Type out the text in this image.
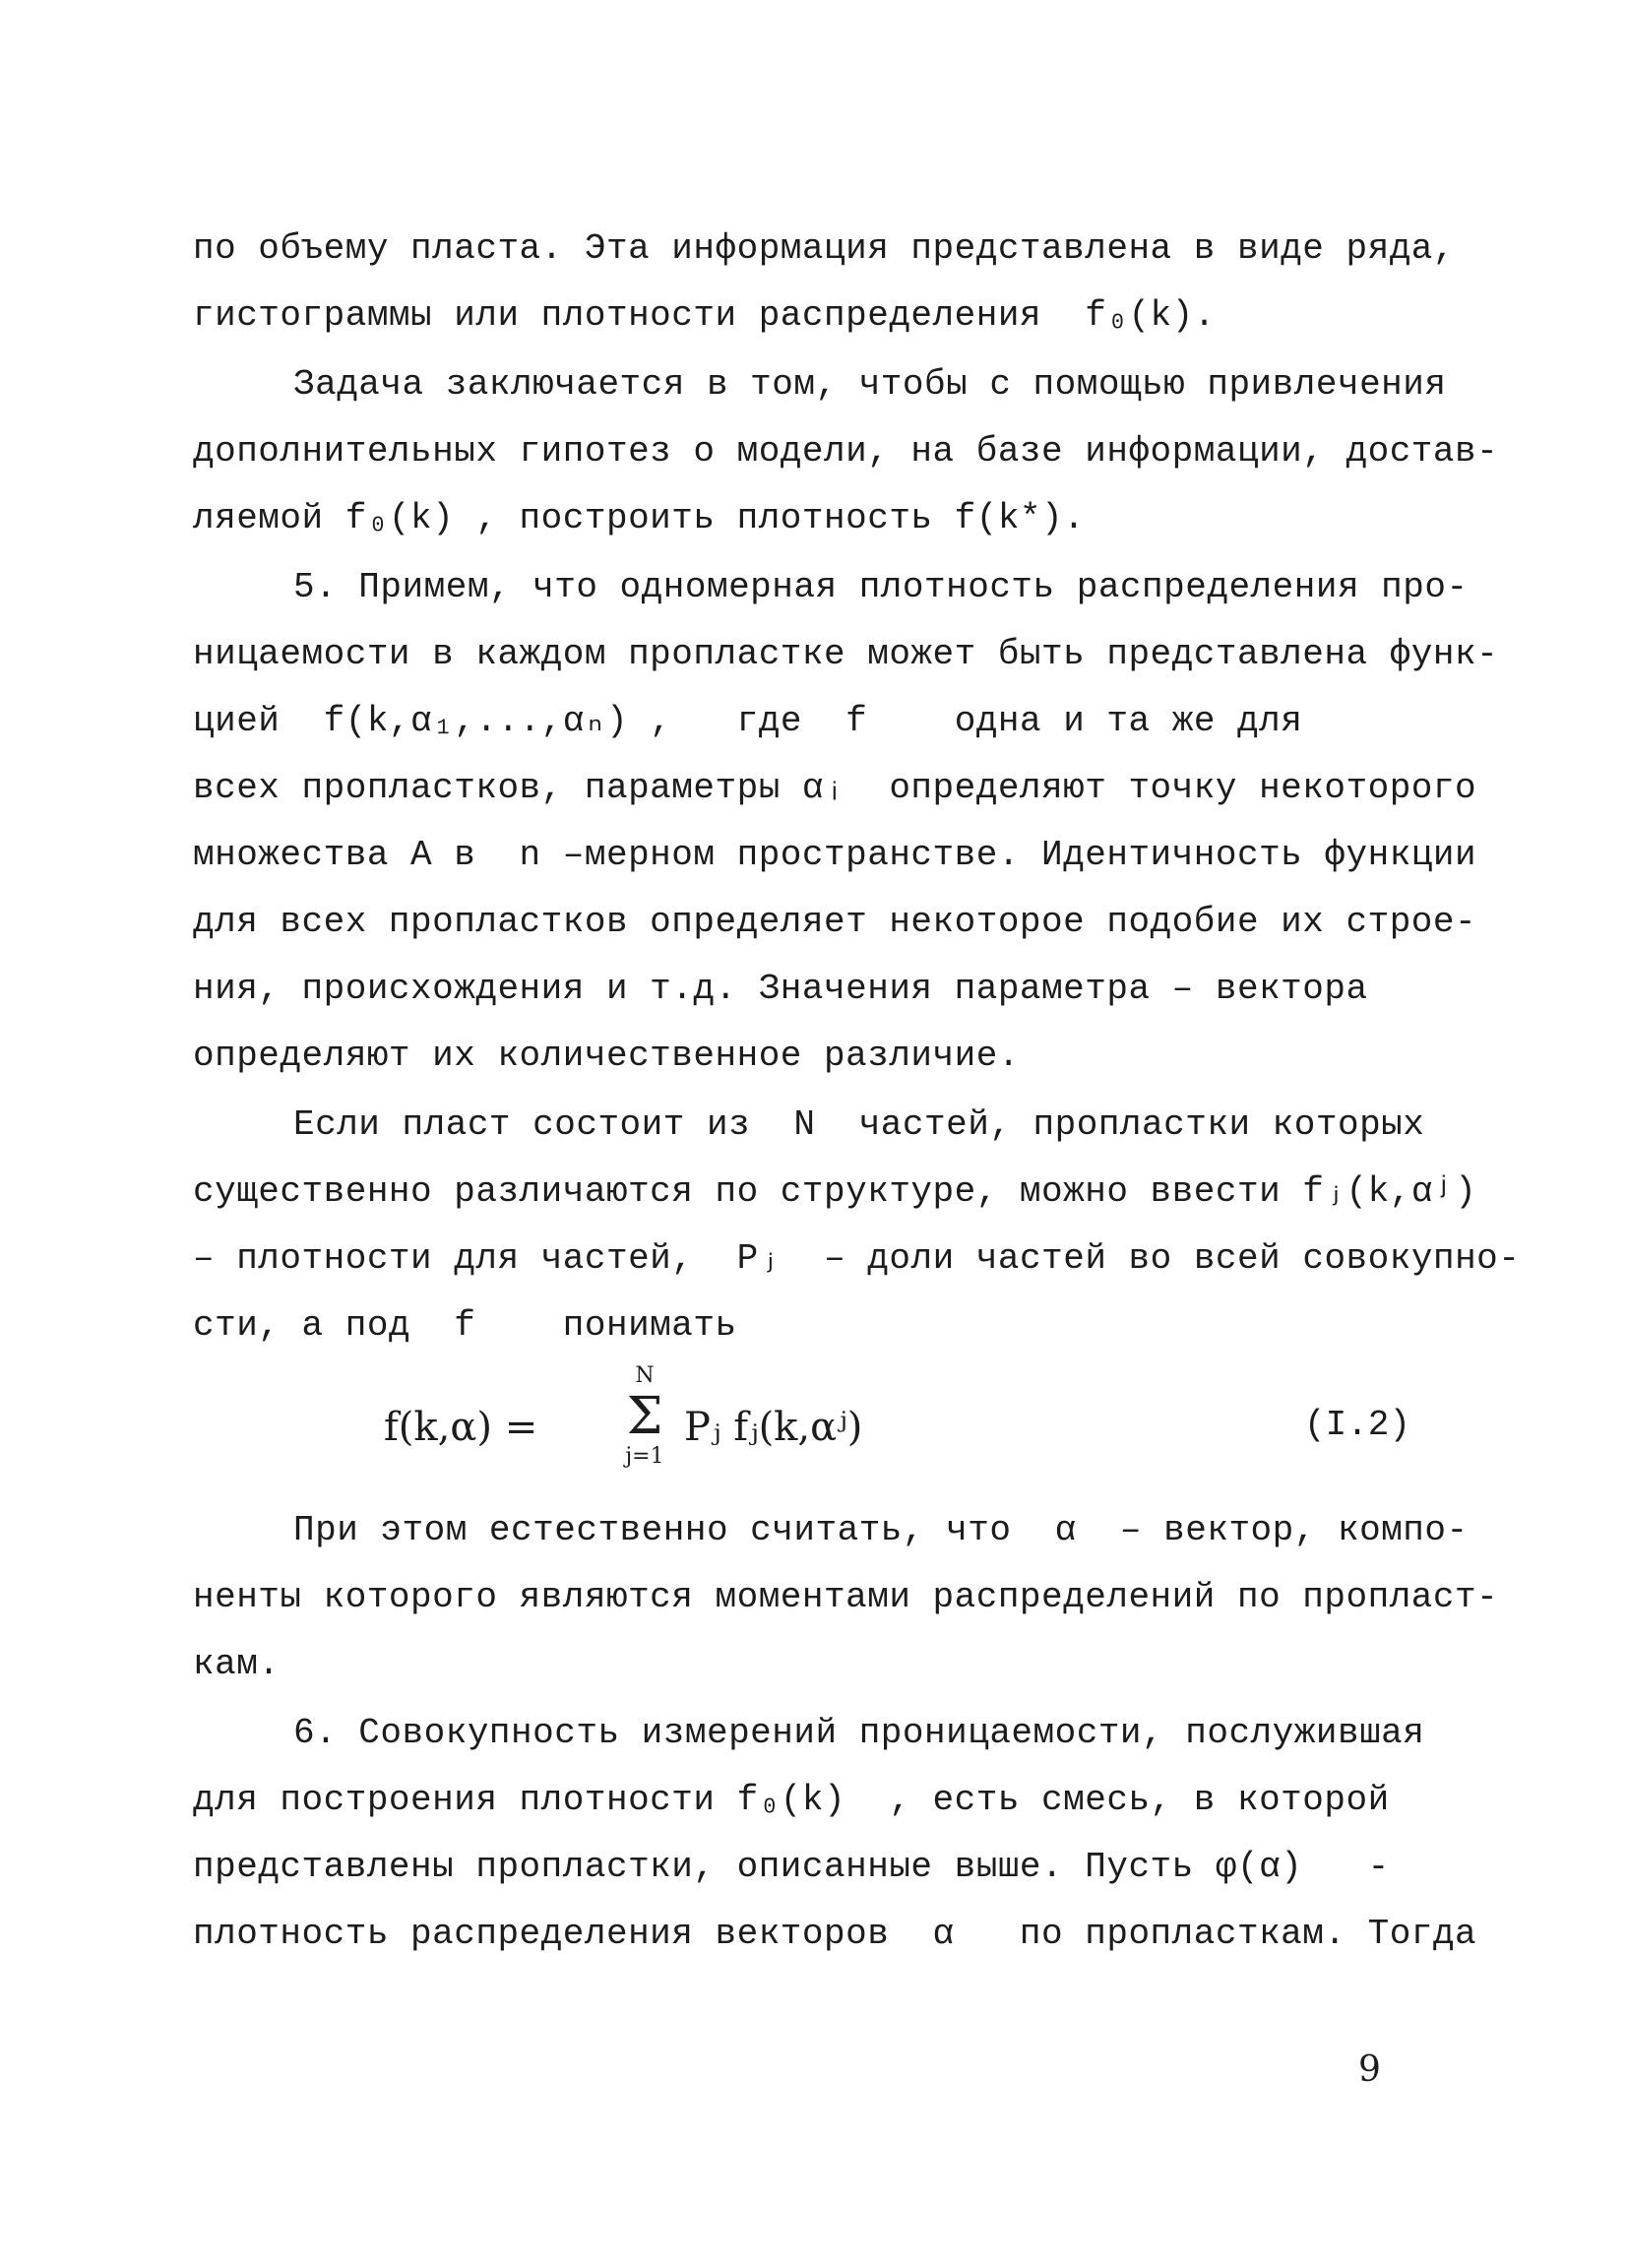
по объему пласта. Эта информация представлена в виде ряда,
гистограммы или плотности распределения  f₀(k).
Задача заключается в том, чтобы с помощью привлечения
дополнительных гипотез о модели, на базе информации, достав-
ляемой f₀(k) , построить плотность f(k*).
5. Примем, что одномерная плотность распределения про-
ницаемости в каждом пропластке может быть представлена функ-
цией  f(k,α₁,...,αₙ) ,   где  f    одна и та же для
всех пропластков, параметры αᵢ  определяют точку некоторого
множества А в  n –мерном пространстве. Идентичность функции
для всех пропластков определяет некоторое подобие их строе-
ния, происхождения и т.д. Значения параметра – вектора
определяют их количественное различие.
Если пласт состоит из  N  частей, пропластки которых
существенно различаются по структуре, можно ввести fⱼ(k,αʲ)
– плотности для частей,  Pⱼ  – доли частей во всей совокупно-
сти, а под  f    понимать
f(k,α) =
N
Σ
j=1
Pⱼ fⱼ(k,αʲ)	(I.2)
При этом естественно считать, что  α  – вектор, компо-
ненты которого являются моментами распределений по пропласт-
кам.
6. Совокупность измерений проницаемости, послужившая
для построения плотности f₀(k)  , есть смесь, в которой
представлены пропластки, описанные выше. Пусть φ(α)   -
плотность распределения векторов  α   по пропласткам. Тогда
9
